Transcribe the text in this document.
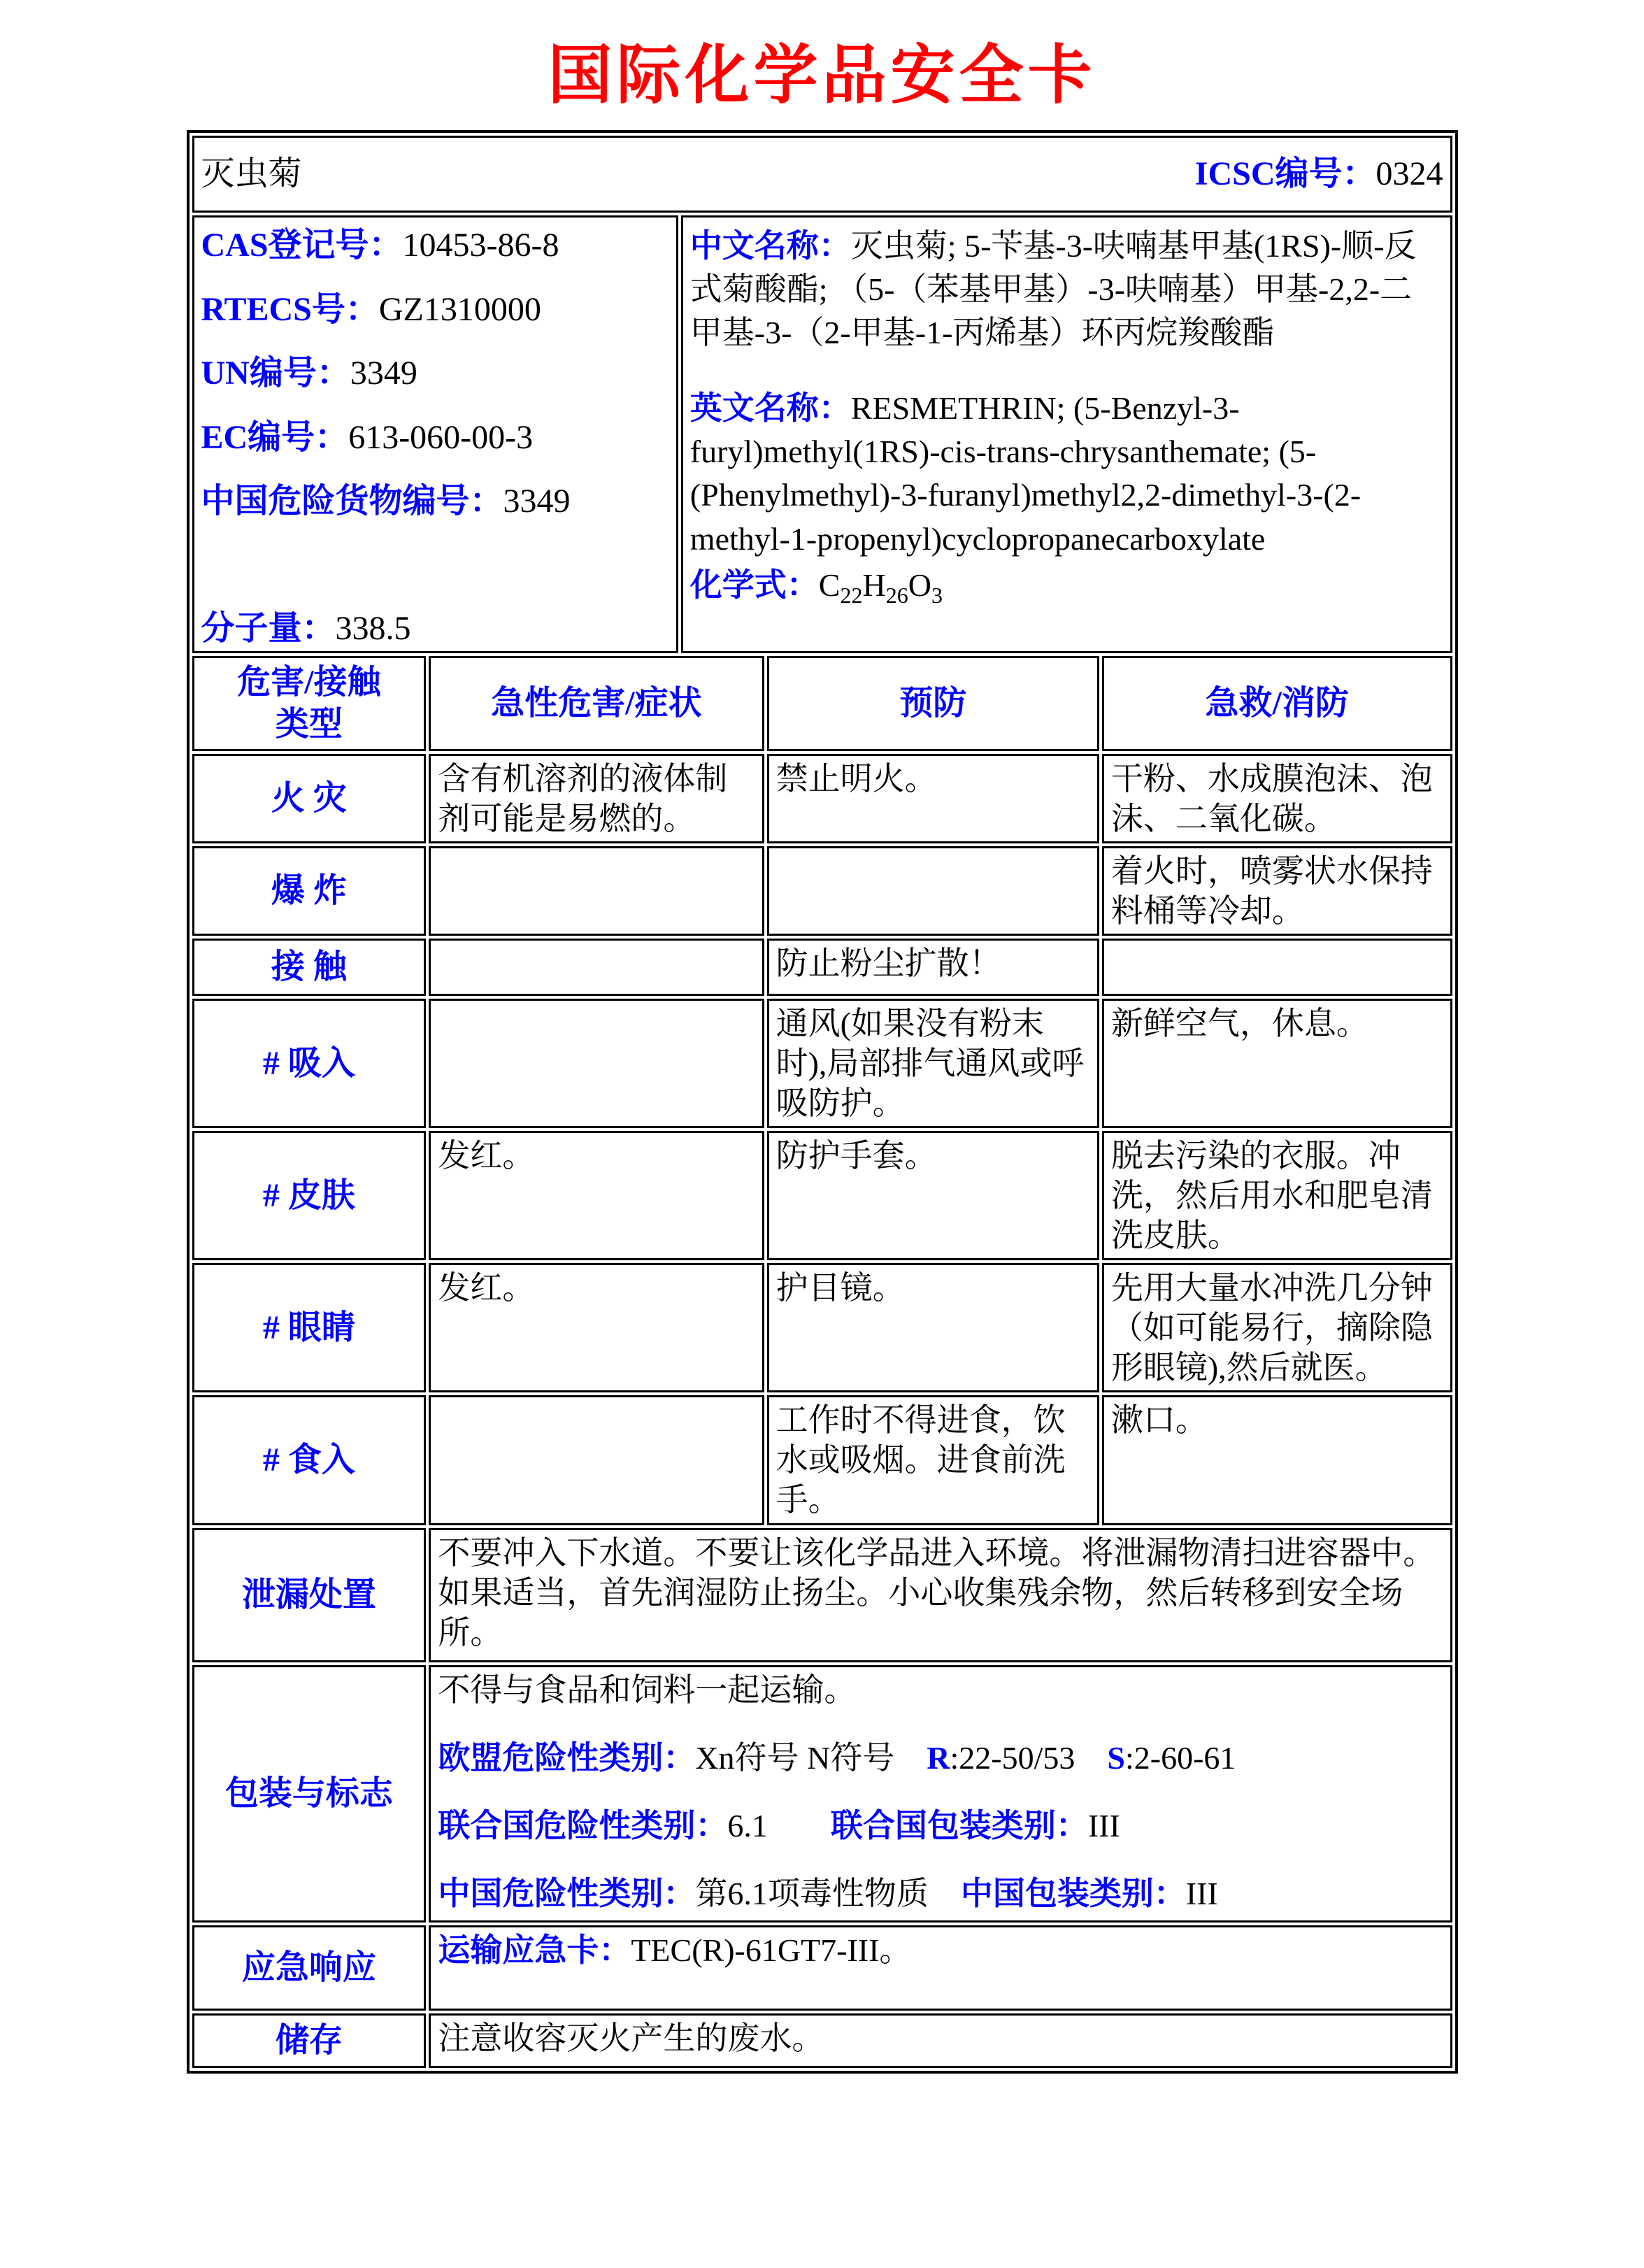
国际化学品安全卡
灭虫菊 ICSC编号：0324				

CAS登记号：10453-86-8
RTECS号：GZ1310000
UN编号：3349
EC编号：613-060-00-3
中国危险货物编号：3349
分子量：338.5

中文名称：灭虫菊; 5-苄基-3-呋喃基甲基(1RS)-顺-反式菊酸酯; （5-（苯基甲基）-3-呋喃基）甲基-2,2-二甲基-3-（2-甲基-1-丙烯基）环丙烷羧酸酯
英文名称：RESMETHRIN; (5-Benzyl-3-furyl)methyl(1RS)-cis-trans-chrysanthemate; (5-(Phenylmethyl)-3-furanyl)methyl2,2-dimethyl-3-(2-methyl-1-propenyl)cyclopropanecarboxylate
化学式：$C_{22}H_{26}O_3$

危害/接触
类型	急性危害/症状		预防	急救/消防
火 灾	含有机溶剂的液体制剂可能是易燃的。		禁止明火。	干粉、水成膜泡沫、泡沫、二氧化碳。
爆 炸				着火时，喷雾状水保持料桶等冷却。
接 触			防止粉尘扩散！	
# 吸入			通风(如果没有粉末时),局部排气通风或呼吸防护。	新鲜空气，休息。
# 皮肤	发红。		防护手套。	脱去污染的衣服。冲洗，然后用水和肥皂清洗皮肤。
# 眼睛	发红。		护目镜。	先用大量水冲洗几分钟（如可能易行，摘除隐形眼镜),然后就医。
# 食入			工作时不得进食，饮水或吸烟。进食前洗手。	漱口。
泄漏处置	不要冲入下水道。不要让该化学品进入环境。将泄漏物清扫进容器中。如果适当，首先润湿防止扬尘。小心收集残余物，然后转移到安全场所。			
包装与标志	不得与食品和饲料一起运输。
欧盟危险性类别：Xn符号 N符号 R:22-50/53 S:2-60-61
联合国危险性类别：6.1 联合国包装类别：III
中国危险性类别：第6.1项毒性物质 中国包装类别：III			

应急响应	运输应急卡：TEC(R)-61GT7-III。			
储存	注意收容灭火产生的废水。			
